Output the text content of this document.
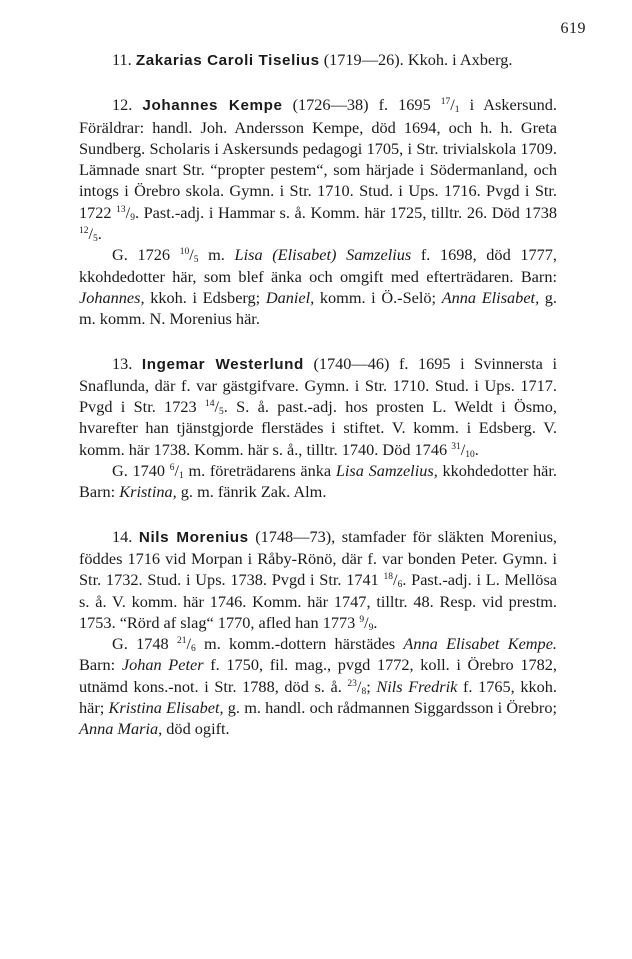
619

11. Zakarias Caroli Tiselius (1719—26). Kkoh. i Axberg.

12. Johannes Kempe (1726—38) f. 1695 $^{17}/_1$ i Askersund. Föräldrar: handl. Joh. Andersson Kempe, död 1694, och h. h. Greta Sundberg. Scholaris i Askersunds pedagogi 1705, i Str. trivialskola 1709. Lämnade snart Str. “propter pestem“, som härjade i Södermanland, och intogs i Örebro skola. Gymn. i Str. 1710. Stud. i Ups. 1716. Pvgd i Str. 1722 $^{13}/_9$. Past.-adj. i Hammar s. å. Komm. här 1725, tilltr. 26. Död 1738 $^{12}/_5$.

G. 1726 $^{10}/_5$ m. Lisa (Elisabet) Samzelius f. 1698, död 1777, kkohdedotter här, som blef änka och omgift med efterträdaren. Barn: Johannes, kkoh. i Edsberg; Daniel, komm. i Ö.-Selö; Anna Elisabet, g. m. komm. N. Morenius här.

13. Ingemar Westerlund (1740—46) f. 1695 i Svinnersta i Snaflunda, där f. var gästgifvare. Gymn. i Str. 1710. Stud. i Ups. 1717. Pvgd i Str. 1723 $^{14}/_5$. S. å. past.-adj. hos prosten L. Weldt i Ösmo, hvarefter han tjänstgjorde flerstädes i stiftet. V. komm. i Edsberg. V. komm. här 1738. Komm. här s. å., tilltr. 1740. Död 1746 $^{31}/_{10}$.

G. 1740 $^6/_1$ m. företrädarens änka Lisa Samzelius, kkohdedotter här. Barn: Kristina, g. m. fänrik Zak. Alm.

14. Nils Morenius (1748—73), stamfader för släkten Morenius, föddes 1716 vid Morpan i Råby-Rönö, där f. var bonden Peter. Gymn. i Str. 1732. Stud. i Ups. 1738. Pvgd i Str. 1741 $^{18}/_6$. Past.-adj. i L. Mellösa s. å. V. komm. här 1746. Komm. här 1747, tilltr. 48. Resp. vid prestm. 1753. “Rörd af slag“ 1770, afled han 1773 $^9/_9$.

G. 1748 $^{21}/_6$ m. komm.-dottern härstädes Anna Elisabet Kempe. Barn: Johan Peter f. 1750, fil. mag., pvgd 1772, koll. i Örebro 1782, utnämd kons.-not. i Str. 1788, död s. å. $^{23}/_8$; Nils Fredrik f. 1765, kkoh. här; Kristina Elisabet, g. m. handl. och rådmannen Siggardsson i Örebro; Anna Maria, död ogift.
